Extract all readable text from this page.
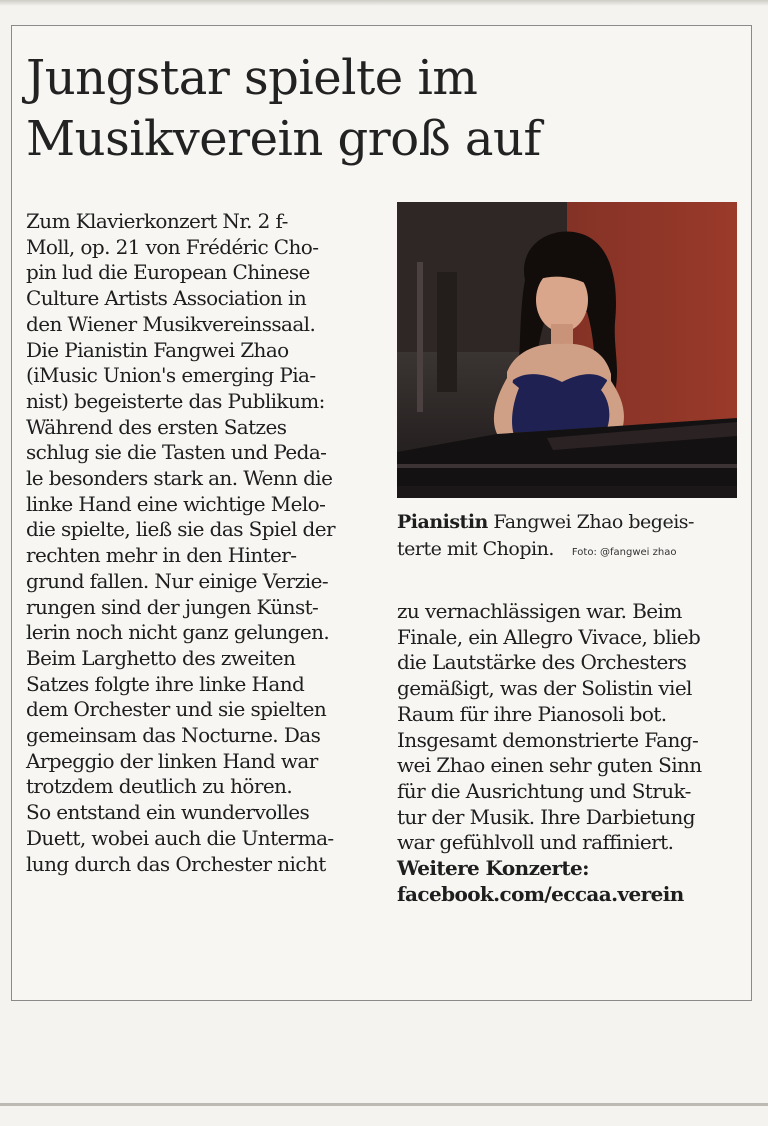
Jungstar spielte im
Musikverein groß auf

Zum Klavierkonzert Nr. 2 f-

Moll, op. 21 von Frédéric Cho-

pin lud die European Chinese

Culture Artists Association in

den Wiener Musikvereinssaal.

Die Pianistin Fangwei Zhao

(iMusic Union's emerging Pia-

nist) begeisterte das Publikum:

Während des ersten Satzes

schlug sie die Tasten und Peda-

le besonders stark an. Wenn die

linke Hand eine wichtige Melo-

die spielte, ließ sie das Spiel der

rechten mehr in den Hinter-

grund fallen. Nur einige Verzie-

rungen sind der jungen Künst-

lerin noch nicht ganz gelungen.

Beim Larghetto des zweiten

Satzes folgte ihre linke Hand

dem Orchester und sie spielten

gemeinsam das Nocturne. Das

Arpeggio der linken Hand war

trotzdem deutlich zu hören.

So entstand ein wundervolles

Duett, wobei auch die Unterma-

lung durch das Orchester nicht

Pianistin Fangwei Zhao begeis-
terte mit Chopin. Foto: @fangwei zhao

zu vernachlässigen war. Beim

Finale, ein Allegro Vivace, blieb

die Lautstärke des Orchesters

gemäßigt, was der Solistin viel

Raum für ihre Pianosoli bot.

Insgesamt demonstrierte Fang-

wei Zhao einen sehr guten Sinn

für die Ausrichtung und Struk-

tur der Musik. Ihre Darbietung

war gefühlvoll und raffiniert.

Weitere Konzerte:
facebook.com/eccaa.verein
